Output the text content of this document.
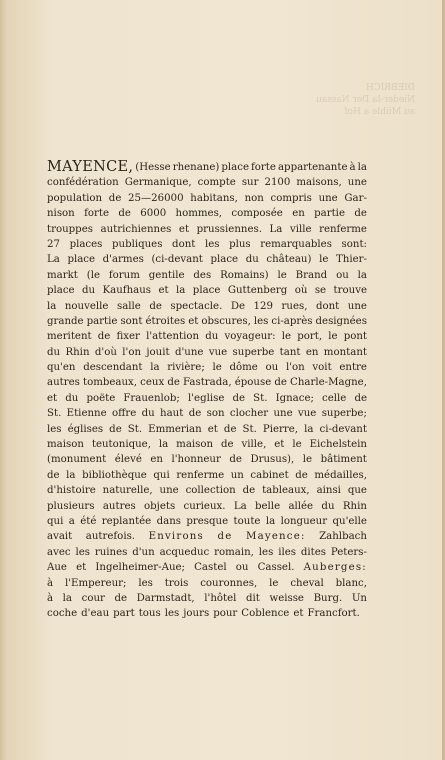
DIEBRICH
Nieder-la Der Nassau
au Mühle a Hof
MAYENCE, (Hesse rhenane) place forte appartenante à la
confédération Germanique, compte sur 2100 maisons, une
population de 25—26000 habitans, non compris une Gar-
nison forte de 6000 hommes, composée en partie de
trouppes autrichiennes et prussiennes. La ville renferme
27 places publiques dont les plus remarquables sont:
La place d'armes (ci-devant place du château) le Thier-
markt (le forum gentile des Romains) le Brand ou la
place du Kaufhaus et la place Guttenberg où se trouve
la nouvelle salle de spectacle. De 129 rues, dont une
grande partie sont étroites et obscures, les ci-après designées
meritent de fixer l'attention du voyageur: le port, le pont
du Rhin d'où l'on jouit d'une vue superbe tant en montant
qu'en descendant la rivière; le dôme ou l'on voit entre
autres tombeaux, ceux de Fastrada, épouse de Charle-Magne,
et du poëte Frauenlob; l'eglise de St. Ignace; celle de
St. Etienne offre du haut de son clocher une vue superbe;
les églises de St. Emmerian et de St. Pierre, la ci-devant
maison teutonique, la maison de ville, et le Eichelstein
(monument élevé en l'honneur de Drusus), le bâtiment
de la bibliothèque qui renferme un cabinet de médailles,
d'histoire naturelle, une collection de tableaux, ainsi que
plusieurs autres objets curieux. La belle allée du Rhin
qui a été replantée dans presque toute la longueur qu'elle
avait autrefois. Environs de Mayence: Zahlbach
avec les ruines d'un acqueduc romain, les iles dites Peters-
Aue et Ingelheimer-Aue; Castel ou Cassel. Auberges:
à l'Empereur; les trois couronnes, le cheval blanc,
à la cour de Darmstadt, l'hôtel dit weisse Burg. Un
coche d'eau part tous les jours pour Coblence et Francfort.
